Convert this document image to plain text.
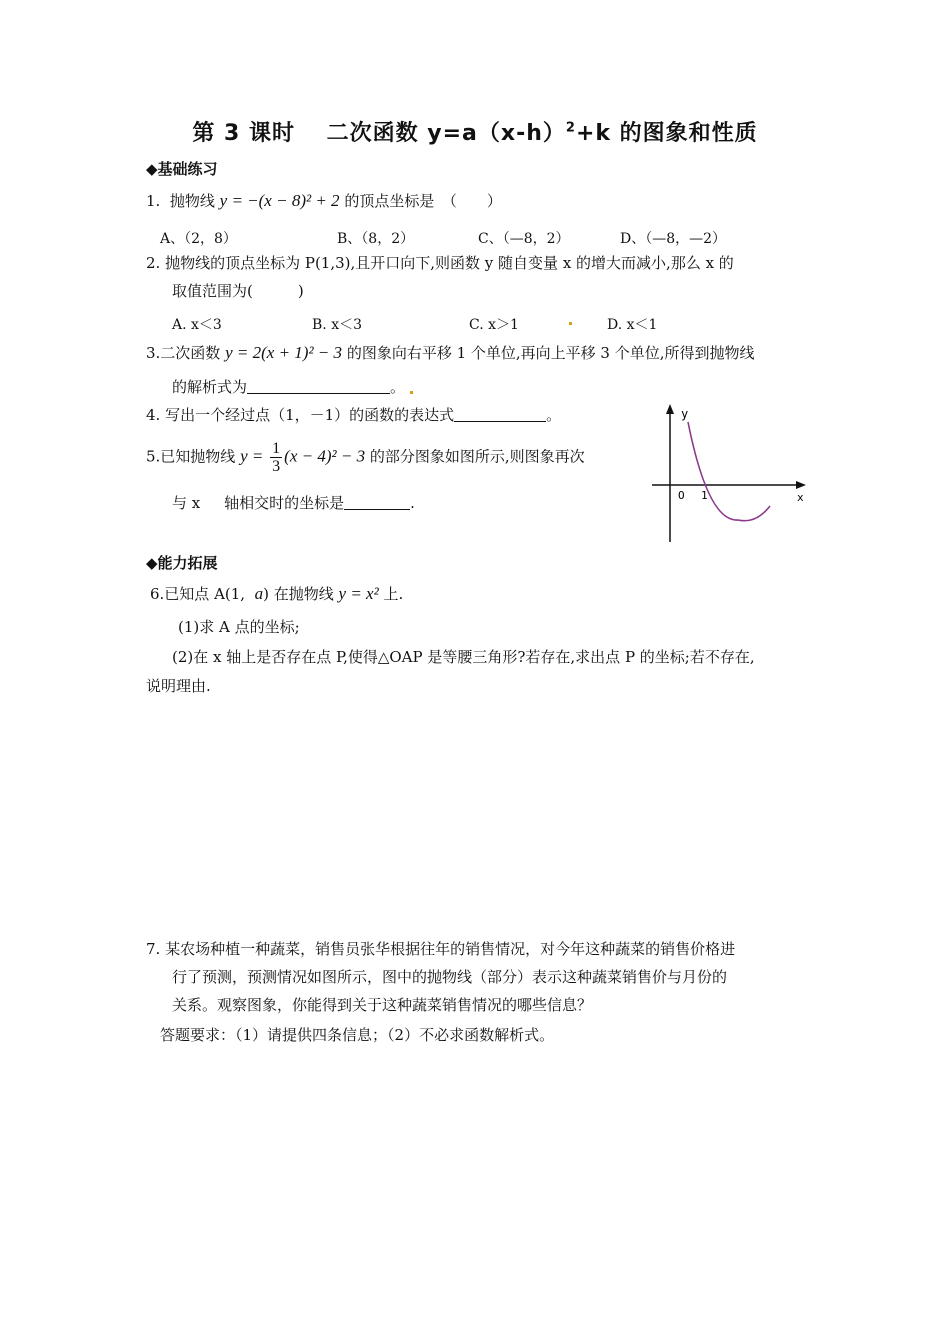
第 3 课时　 二次函数 $y=a(x-h)^2+k$ 的图象和性质
◆基础练习
1. 抛物线 y = −(x − 8)² + 2 的顶点坐标是　（　　）
A、（2，8）	B、（8，2）	C、（—8，2）	D、（—8，—2）
2. 抛物线的顶点坐标为 P(1,3),且开口向下,则函数 y 随自变量 x 的增大而减小,那么 x 的
取值范围为(　　　)
A. x＜3	B. x＜3	C. x＞1	D. x＜1
3.二次函数 y = 2(x + 1)² − 3 的图象向右平移 1 个单位,再向上平移 3 个单位,所得到抛物线
的解析式为	。
4. 写出一个经过点（1，－1）的函数的表达式	。
5.已知抛物线 $y = \frac{1}{3} (x - 4)^2 - 3$ 的部分图象如图所示,则图象再次
与 x 轴相交时的坐标是	.
y
x
O 1
◆能力拓展
6.已知点 A(1, a) 在抛物线 y = x² 上.
(1)求 A 点的坐标;
(2)在 x 轴上是否存在点 P,使得△OAP 是等腰三角形?若存在,求出点 P 的坐标;若不存在,
说明理由.
7. 某农场种植一种蔬菜，销售员张华根据往年的销售情况，对今年这种蔬菜的销售价格进
行了预测，预测情况如图所示，图中的抛物线（部分）表示这种蔬菜销售价与月份的
关系。观察图象，你能得到关于这种蔬菜销售情况的哪些信息？
答题要求：（1）请提供四条信息；（2）不必求函数解析式。
